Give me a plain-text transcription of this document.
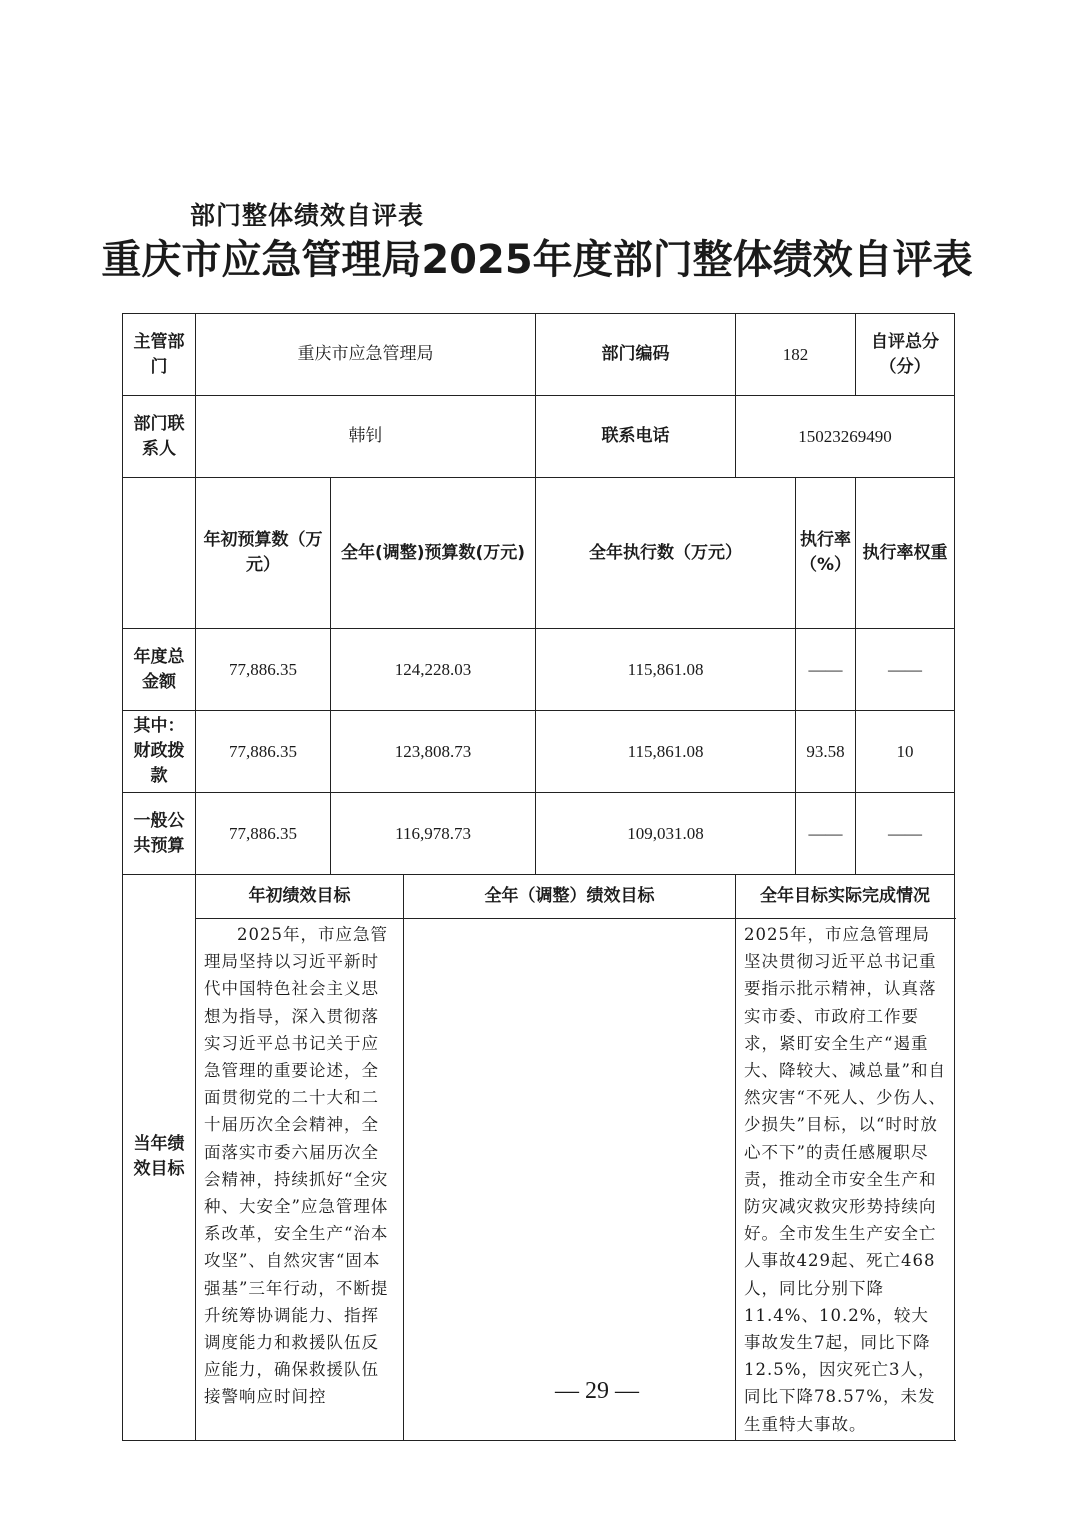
部门整体绩效自评表
重庆市应急管理局2025年度部门整体绩效自评表
主管部门	重庆市应急管理局			部门编码	182		自评总分（分）	
部门联系人	韩钊			联系电话	15023269490			
	年初预算数（万元）	全年(调整)预算数(万元)		全年执行数（万元）		执行率（%）	执行率权重	
年度总金额	77,886.35	124,228.03		115,861.08		——	——	
其中：财政拨款	77,886.35	123,808.73		115,861.08		93.58	10	
一般公共预算	77,886.35	116,978.73		109,031.08		——	——	
当年绩效目标	年初绩效目标		全年（调整）绩效目标		全年目标实际完成情况			
	2025年，市应急管理局坚持以习近平新时代中国特色社会主义思想为指导，深入贯彻落实习近平总书记关于应急管理的重要论述，全面贯彻党的二十大和二十届历次全会精神，全面落实市委六届历次全会精神，持续抓好“全灾种、大安全”应急管理体系改革，安全生产“治本攻坚”、自然灾害“固本强基”三年行动，不断提升统筹协调能力、指挥调度能力和救援队伍反应能力，确保救援队伍接警响应时间控				2025年，市应急管理局坚决贯彻习近平总书记重要指示批示精神，认真落实市委、市政府工作要求，紧盯安全生产“遏重大、降较大、减总量”和自然灾害“不死人、少伤人、少损失”目标，以“时时放心不下”的责任感履职尽责，推动全市安全生产和防灾减灾救灾形势持续向好。全市发生生产安全亡人事故429起、死亡468人，同比分别下降11.4%、10.2%，较大事故发生7起，同比下降12.5%，因灾死亡3人，同比下降78.57%，未发生重特大事故。			
— 29 —
